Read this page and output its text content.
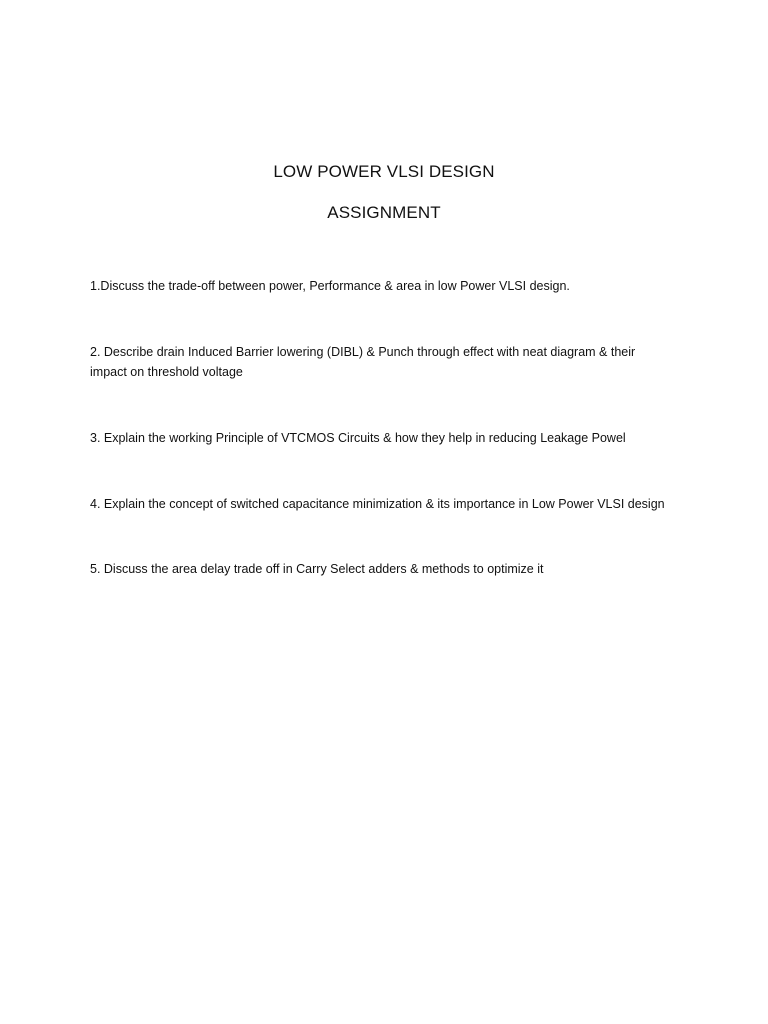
LOW POWER VLSI DESIGN
ASSIGNMENT
1.Discuss the trade-off between power, Performance & area in low Power VLSI design.
2. Describe drain Induced Barrier lowering (DIBL) & Punch through effect with neat diagram & their impact on threshold voltage
3. Explain the working Principle of VTCMOS Circuits & how they help in reducing Leakage Powel
4. Explain the concept of switched capacitance minimization & its importance in Low Power VLSI design
5. Discuss the area delay trade off in Carry Select adders & methods to optimize it
